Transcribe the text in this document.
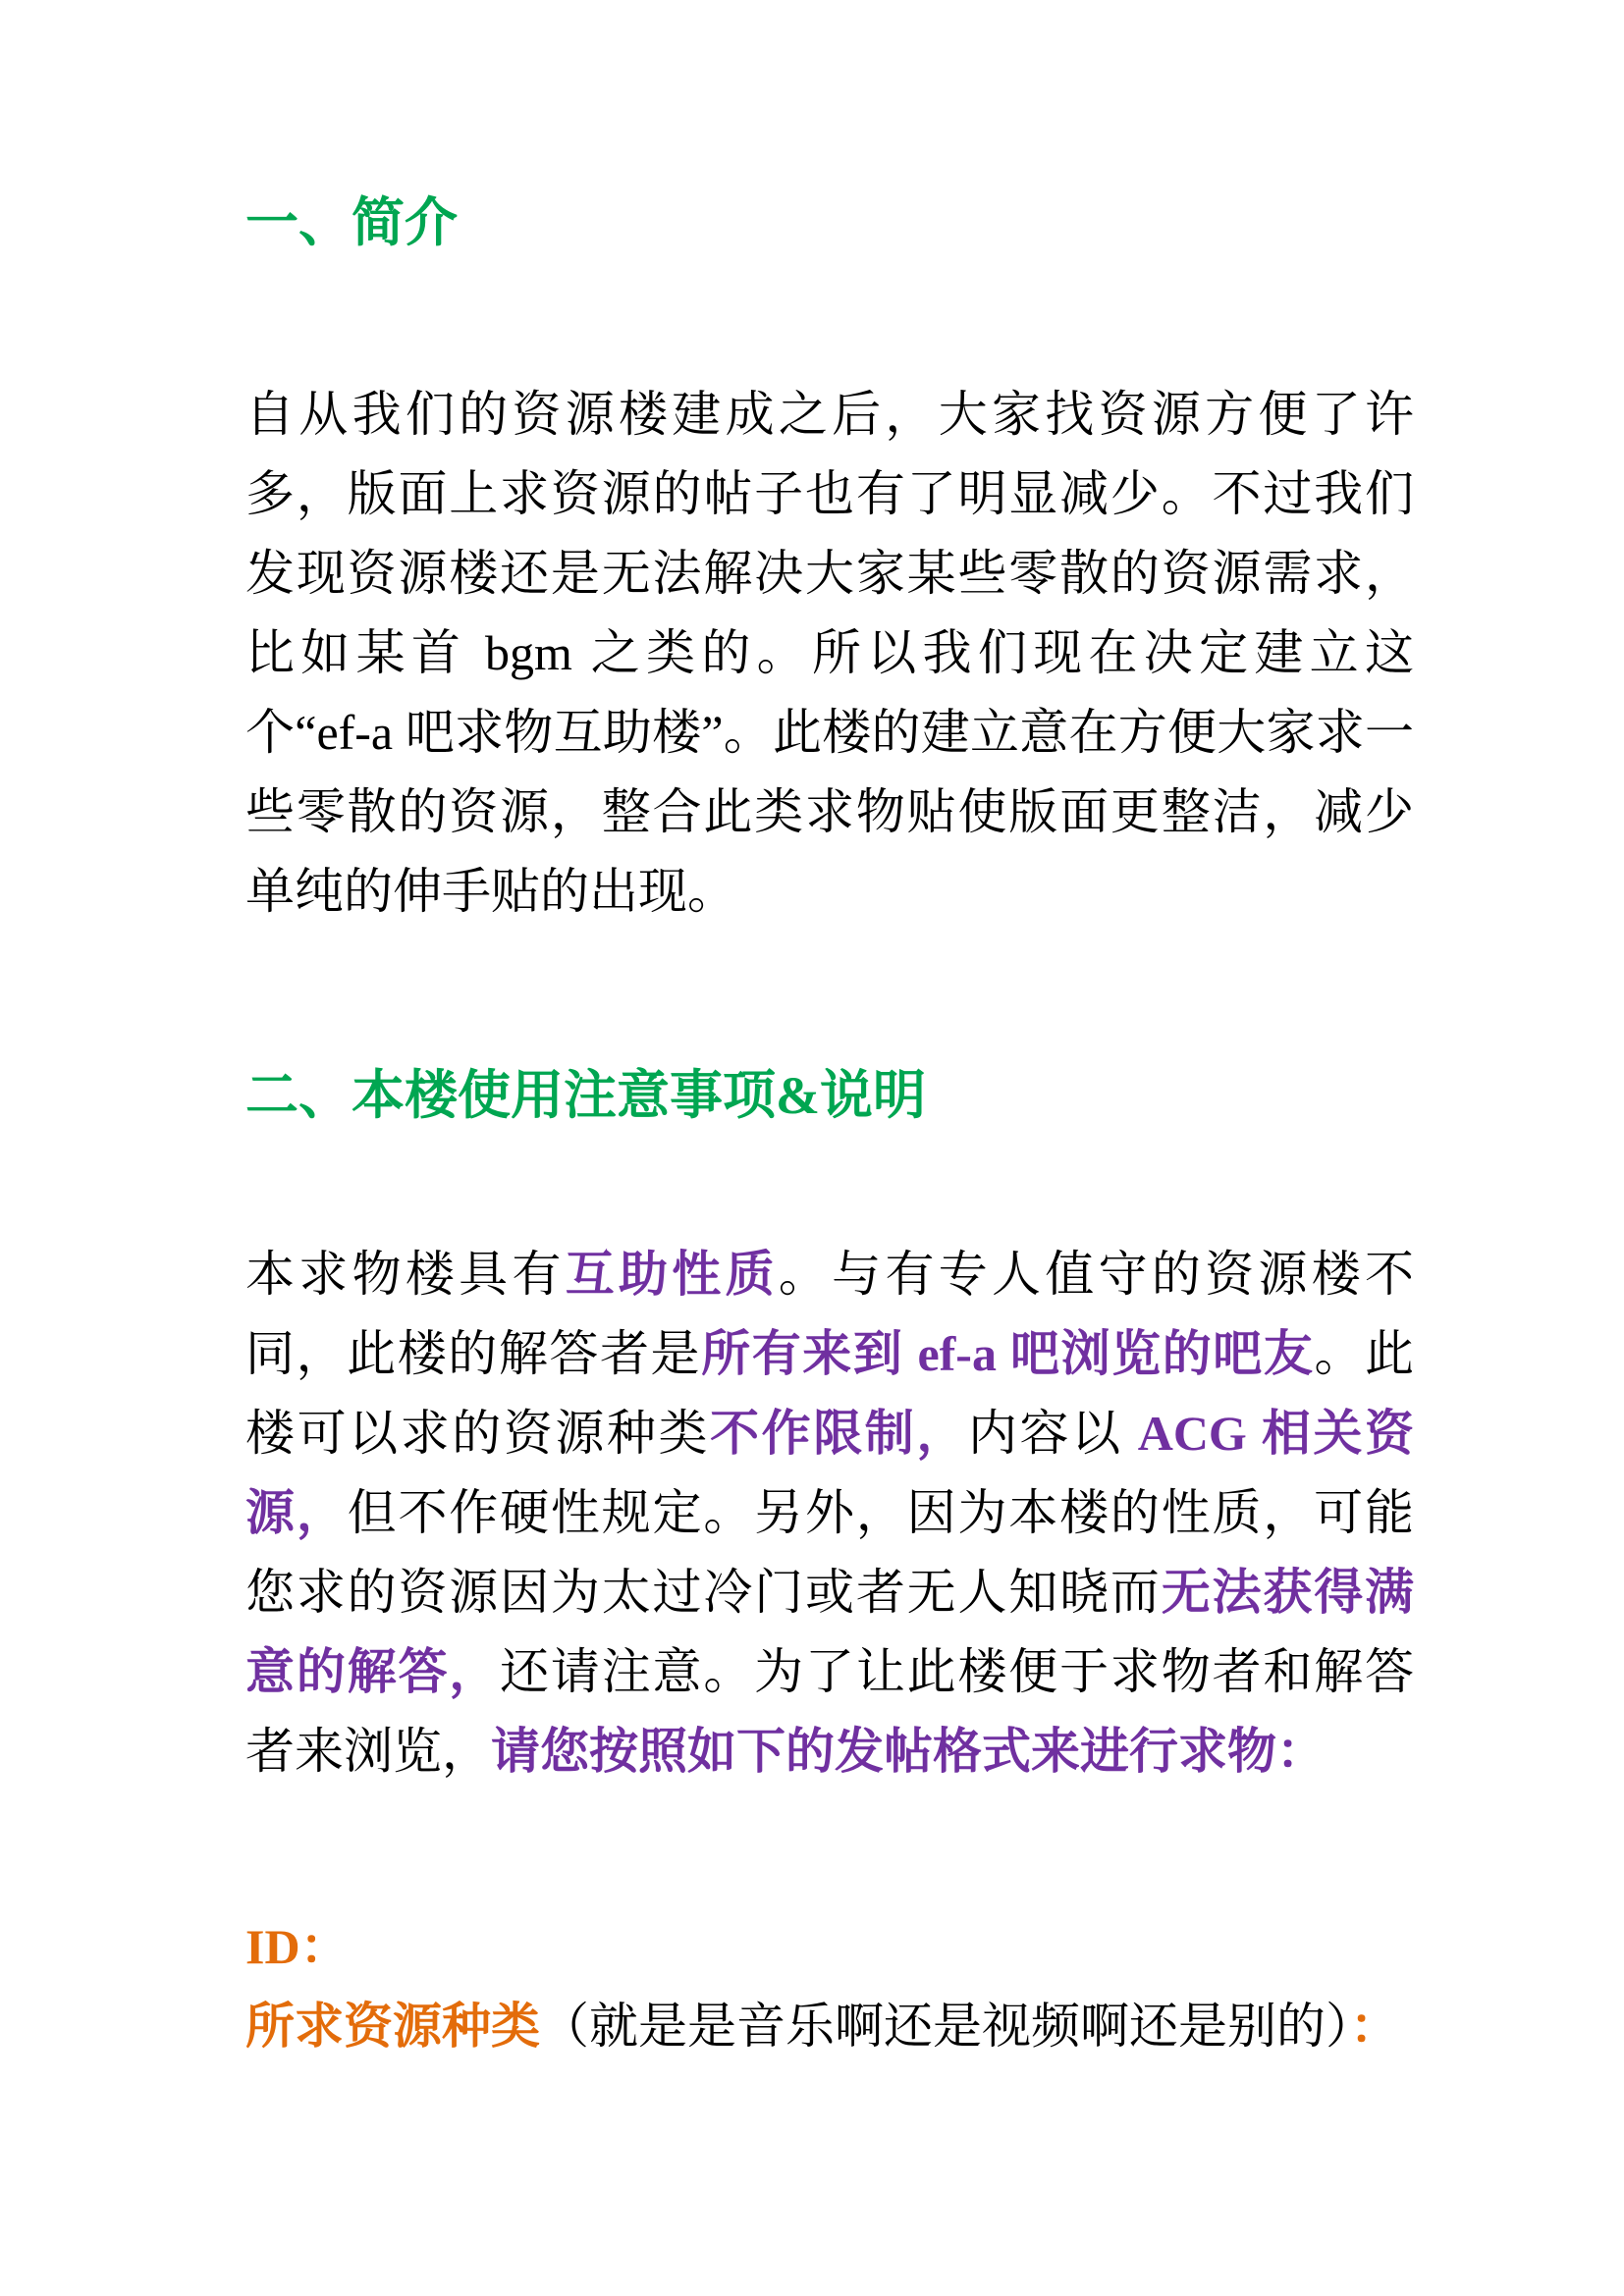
一、简介

自从我们的资源楼建成之后，大家找资源方便了许多，版面上求资源的帖子也有了明显减少。不过我们发现资源楼还是无法解决大家某些零散的资源需求，比如某首 bgm 之类的。所以我们现在决定建立这个“ef-a 吧求物互助楼”。此楼的建立意在方便大家求一些零散的资源，整合此类求物贴使版面更整洁，减少单纯的伸手贴的出现。

二、本楼使用注意事项&说明

本求物楼具有互助性质。与有专人值守的资源楼不同，此楼的解答者是所有来到 ef-a 吧浏览的吧友。此楼可以求的资源种类不作限制，内容以 ACG 相关资源，但不作硬性规定。另外，因为本楼的性质，可能您求的资源因为太过冷门或者无人知晓而无法获得满意的解答，还请注意。为了让此楼便于求物者和解答者来浏览，请您按照如下的发帖格式来进行求物：

ID：

所求资源种类（就是是音乐啊还是视频啊还是别的）：
